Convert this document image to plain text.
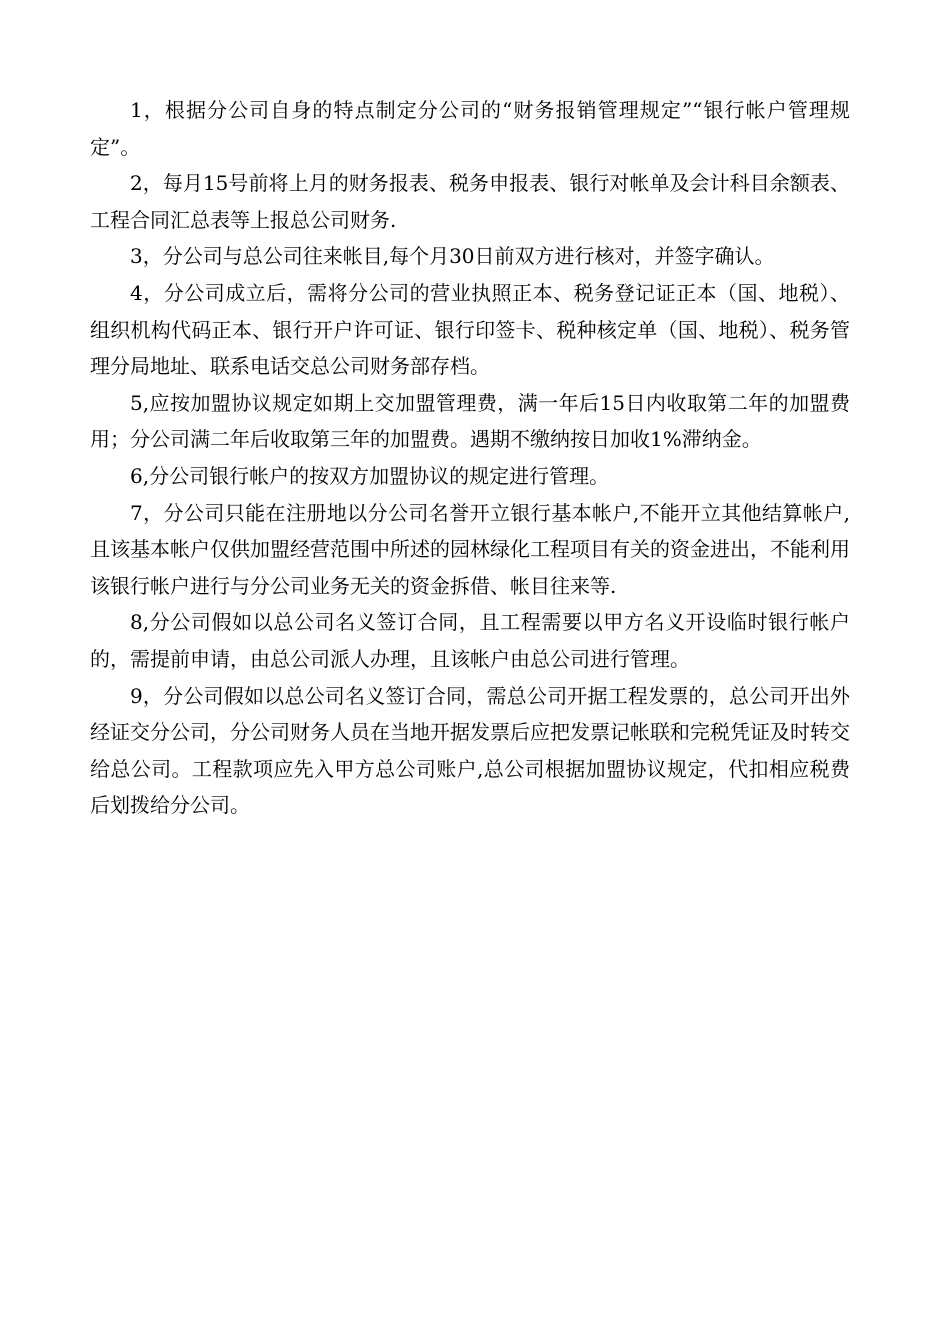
1，根据分公司自身的特点制定分公司的“财务报销管理规定”“银行帐户管理规定”。

2，每月15号前将上月的财务报表、税务申报表、银行对帐单及会计科目余额表、工程合同汇总表等上报总公司财务.

3，分公司与总公司往来帐目,每个月30日前双方进行核对，并签字确认。

4，分公司成立后，需将分公司的营业执照正本、税务登记证正本（国、地税）、组织机构代码正本、银行开户许可证、银行印签卡、税种核定单（国、地税）、税务管理分局地址、联系电话交总公司财务部存档。

5,应按加盟协议规定如期上交加盟管理费，满一年后15日内收取第二年的加盟费用；分公司满二年后收取第三年的加盟费。遇期不缴纳按日加收1%滞纳金。

6,分公司银行帐户的按双方加盟协议的规定进行管理。

7，分公司只能在注册地以分公司名誉开立银行基本帐户,不能开立其他结算帐户,且该基本帐户仅供加盟经营范围中所述的园林绿化工程项目有关的资金进出，不能利用该银行帐户进行与分公司业务无关的资金拆借、帐目往来等.

8,分公司假如以总公司名义签订合同，且工程需要以甲方名义开设临时银行帐户的，需提前申请，由总公司派人办理，且该帐户由总公司进行管理。

9，分公司假如以总公司名义签订合同，需总公司开据工程发票的，总公司开出外经证交分公司，分公司财务人员在当地开据发票后应把发票记帐联和完税凭证及时转交给总公司。工程款项应先入甲方总公司账户,总公司根据加盟协议规定，代扣相应税费后划拨给分公司。
